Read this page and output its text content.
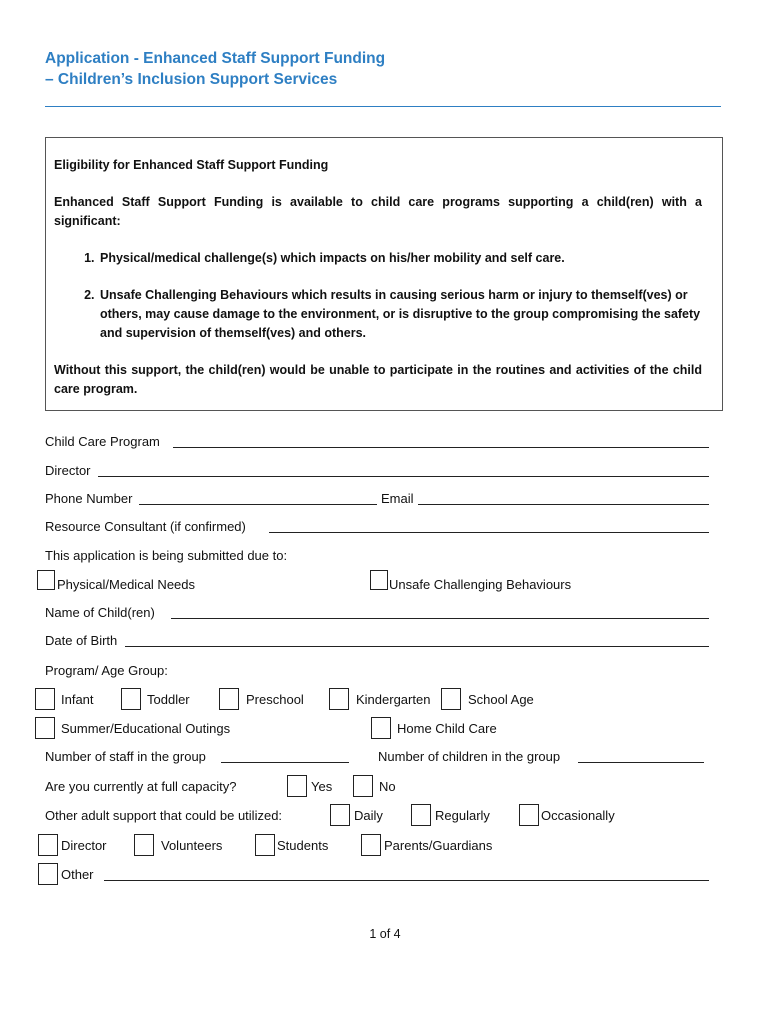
Application - Enhanced Staff Support Funding
– Children’s Inclusion Support Services

Eligibility for Enhanced Staff Support Funding

Enhanced Staff Support Funding is available to child care programs supporting a child(ren) with a significant:

1. Physical/medical challenge(s) which impacts on his/her mobility and self care.
2. Unsafe Challenging Behaviours which results in causing serious harm or injury to themself(ves) or others, may cause damage to the environment, or is disruptive to the group compromising the safety and supervision of themself(ves) and others.

Without this support, the child(ren) would be unable to participate in the routines and activities of the child care program.

Child Care Program
Director
Phone Number	Email
Resource Consultant (if confirmed)
This application is being submitted due to:
Physical/Medical Needs	Unsafe Challenging Behaviours
Name of Child(ren)
Date of Birth
Program/ Age Group:
Infant	Toddler	Preschool	Kindergarten	School Age
Summer/Educational Outings	Home Child Care
Number of staff in the group	Number of children in the group
Are you currently at full capacity?	Yes	No
Other adult support that could be utilized:	Daily	Regularly	Occasionally
Director	Volunteers	Students	Parents/Guardians
Other
1 of 4
